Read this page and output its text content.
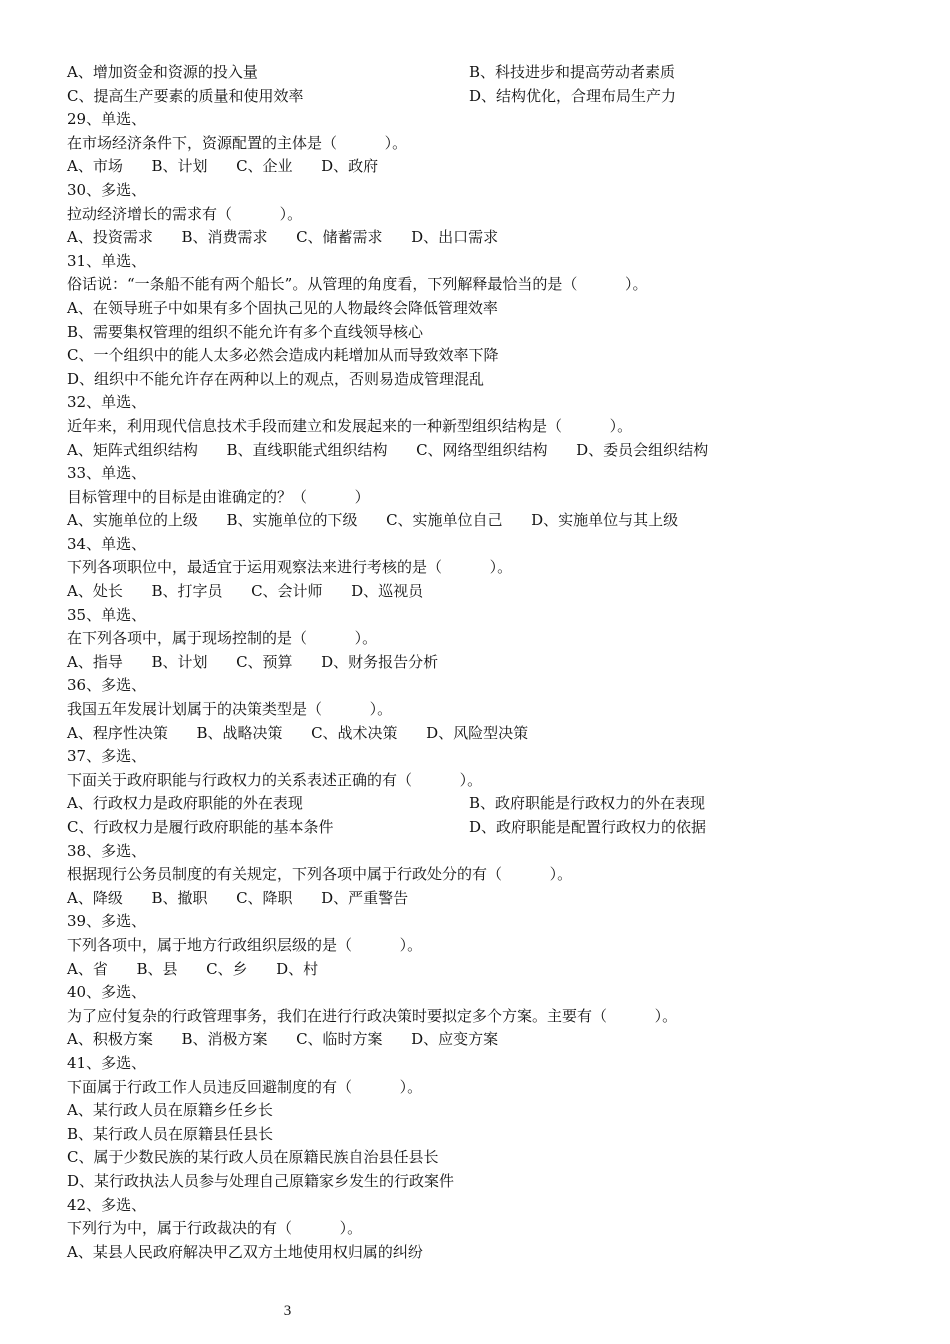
A、增加资金和资源的投入量	B、科技进步和提高劳动者素质
C、提高生产要素的质量和使用效率	D、结构优化，合理布局生产力
29、单选、
在市场经济条件下，资源配置的主体是（          ）。
A、市场      B、计划      C、企业      D、政府
30、多选、
拉动经济增长的需求有（          ）。
A、投资需求      B、消费需求      C、储蓄需求      D、出口需求
31、单选、
俗话说：“一条船不能有两个船长”。从管理的角度看，下列解释最恰当的是（          ）。
A、在领导班子中如果有多个固执己见的人物最终会降低管理效率
B、需要集权管理的组织不能允许有多个直线领导核心
C、一个组织中的能人太多必然会造成内耗增加从而导致效率下降
D、组织中不能允许存在两种以上的观点，否则易造成管理混乱
32、单选、
近年来，利用现代信息技术手段而建立和发展起来的一种新型组织结构是（          ）。
A、矩阵式组织结构      B、直线职能式组织结构      C、网络型组织结构      D、委员会组织结构
33、单选、
目标管理中的目标是由谁确定的？（          ）
A、实施单位的上级      B、实施单位的下级      C、实施单位自己      D、实施单位与其上级
34、单选、
下列各项职位中，最适宜于运用观察法来进行考核的是（          ）。
A、处长      B、打字员      C、会计师      D、巡视员
35、单选、
在下列各项中，属于现场控制的是（          ）。
A、指导      B、计划      C、预算      D、财务报告分析
36、多选、
我国五年发展计划属于的决策类型是（          ）。
A、程序性决策      B、战略决策      C、战术决策      D、风险型决策
37、多选、
下面关于政府职能与行政权力的关系表述正确的有（          ）。
A、行政权力是政府职能的外在表现	B、政府职能是行政权力的外在表现
C、行政权力是履行政府职能的基本条件	D、政府职能是配置行政权力的依据
38、多选、
根据现行公务员制度的有关规定，下列各项中属于行政处分的有（          ）。
A、降级      B、撤职      C、降职      D、严重警告
39、多选、
下列各项中，属于地方行政组织层级的是（          ）。
A、省      B、县      C、乡      D、村
40、多选、
为了应付复杂的行政管理事务，我们在进行行政决策时要拟定多个方案。主要有（          ）。
A、积极方案      B、消极方案      C、临时方案      D、应变方案
41、多选、
下面属于行政工作人员违反回避制度的有（          ）。
A、某行政人员在原籍乡任乡长
B、某行政人员在原籍县任县长
C、属于少数民族的某行政人员在原籍民族自治县任县长
D、某行政执法人员参与处理自己原籍家乡发生的行政案件
42、多选、
下列行为中，属于行政裁决的有（          ）。
A、某县人民政府解决甲乙双方土地使用权归属的纠纷
3
